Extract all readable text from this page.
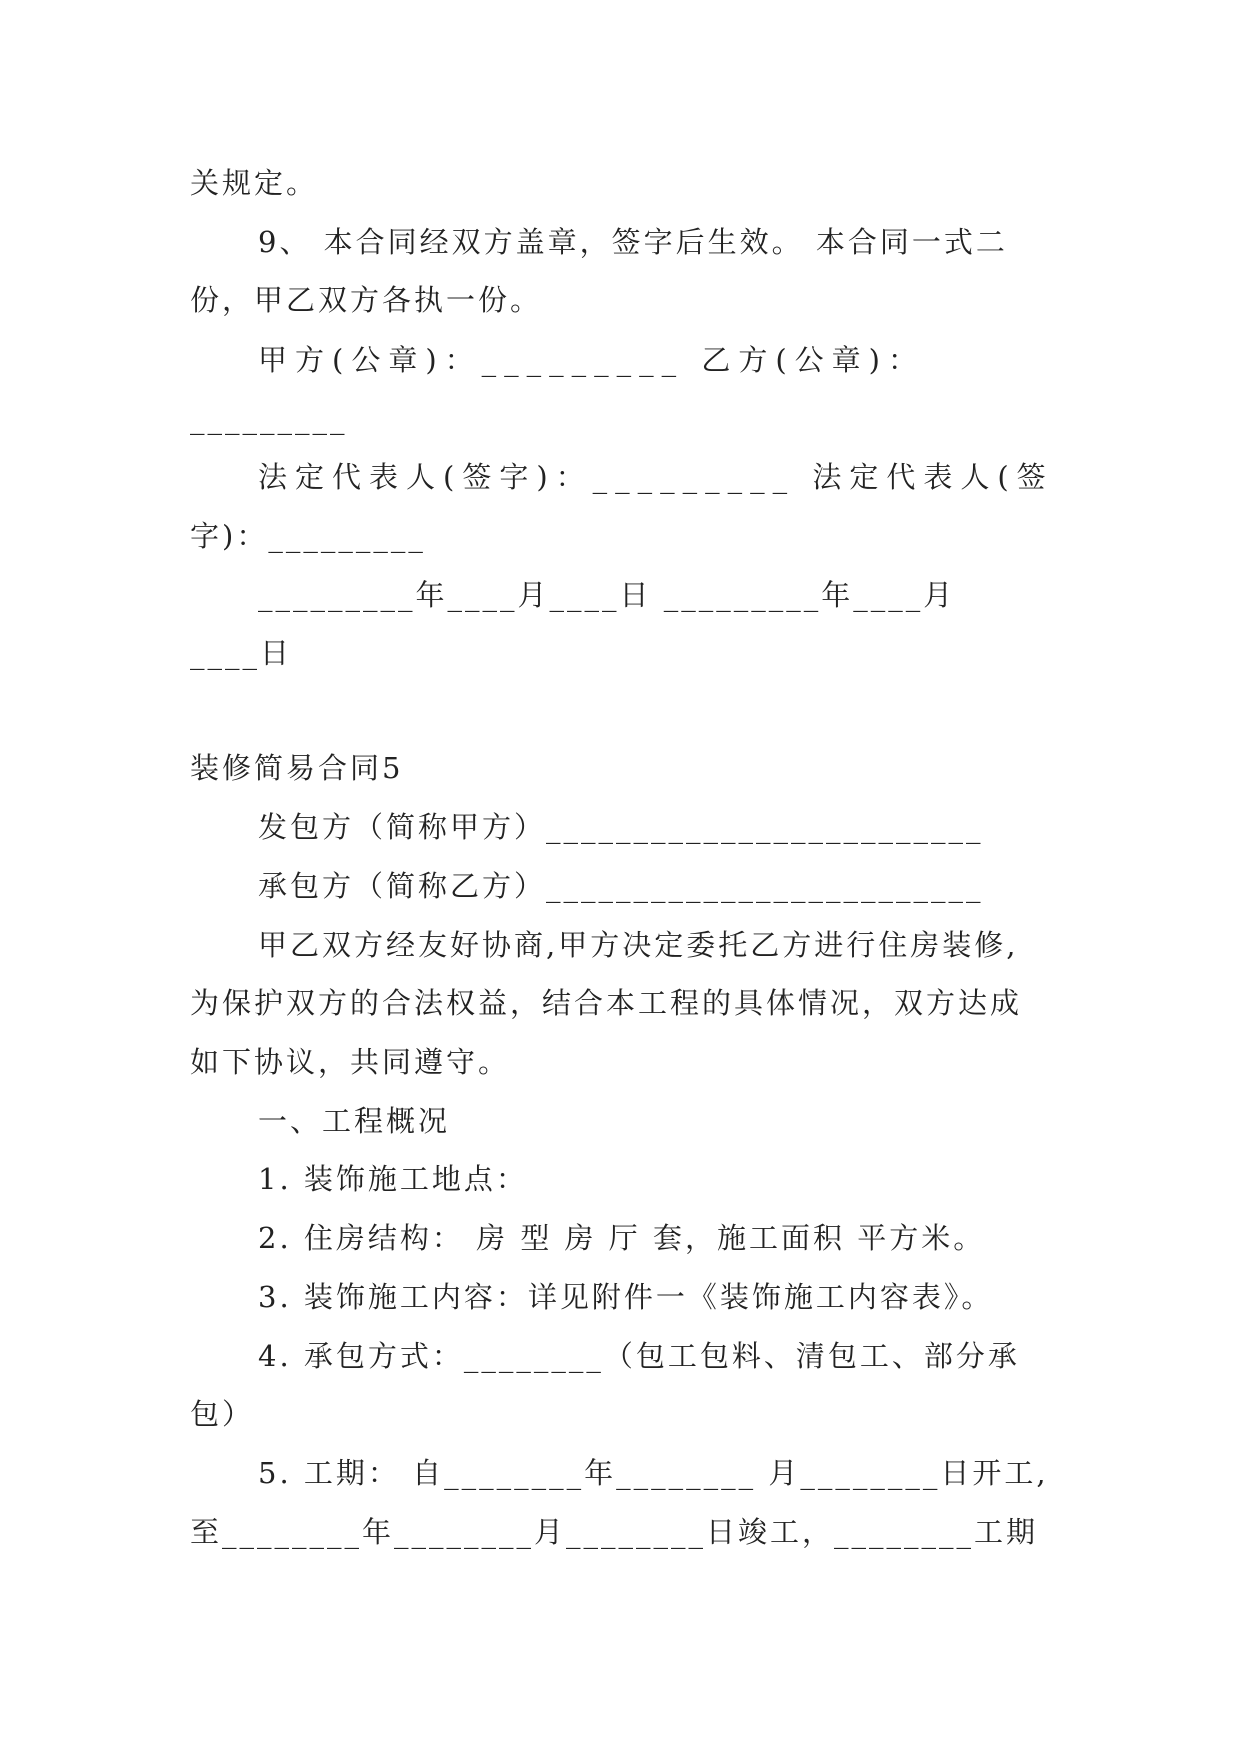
关规定。
9、 本合同经双方盖章，签字后生效。 本合同一式二
份，甲乙双方各执一份。
甲方(公章)：_________ 乙方(公章)：
_________
法定代表人(签字)：_________ 法定代表人(签
字)：_________
_________年____月____日 _________年____月
____日
装修简易合同5
发包方（简称甲方）_________________________
承包方（简称乙方）_________________________
甲乙双方经友好协商,甲方决定委托乙方进行住房装修,
为保护双方的合法权益，结合本工程的具体情况，双方达成
如下协议，共同遵守。
一、工程概况
1. 装饰施工地点：
2. 住房结构： 房 型 房 厅 套，施工面积 平方米。
3. 装饰施工内容：详见附件一《装饰施工内容表》。
4. 承包方式：________（包工包料、清包工、部分承
包）
5. 工期： 自________年________ 月________日开工,
至________年________月________日竣工，________工期
